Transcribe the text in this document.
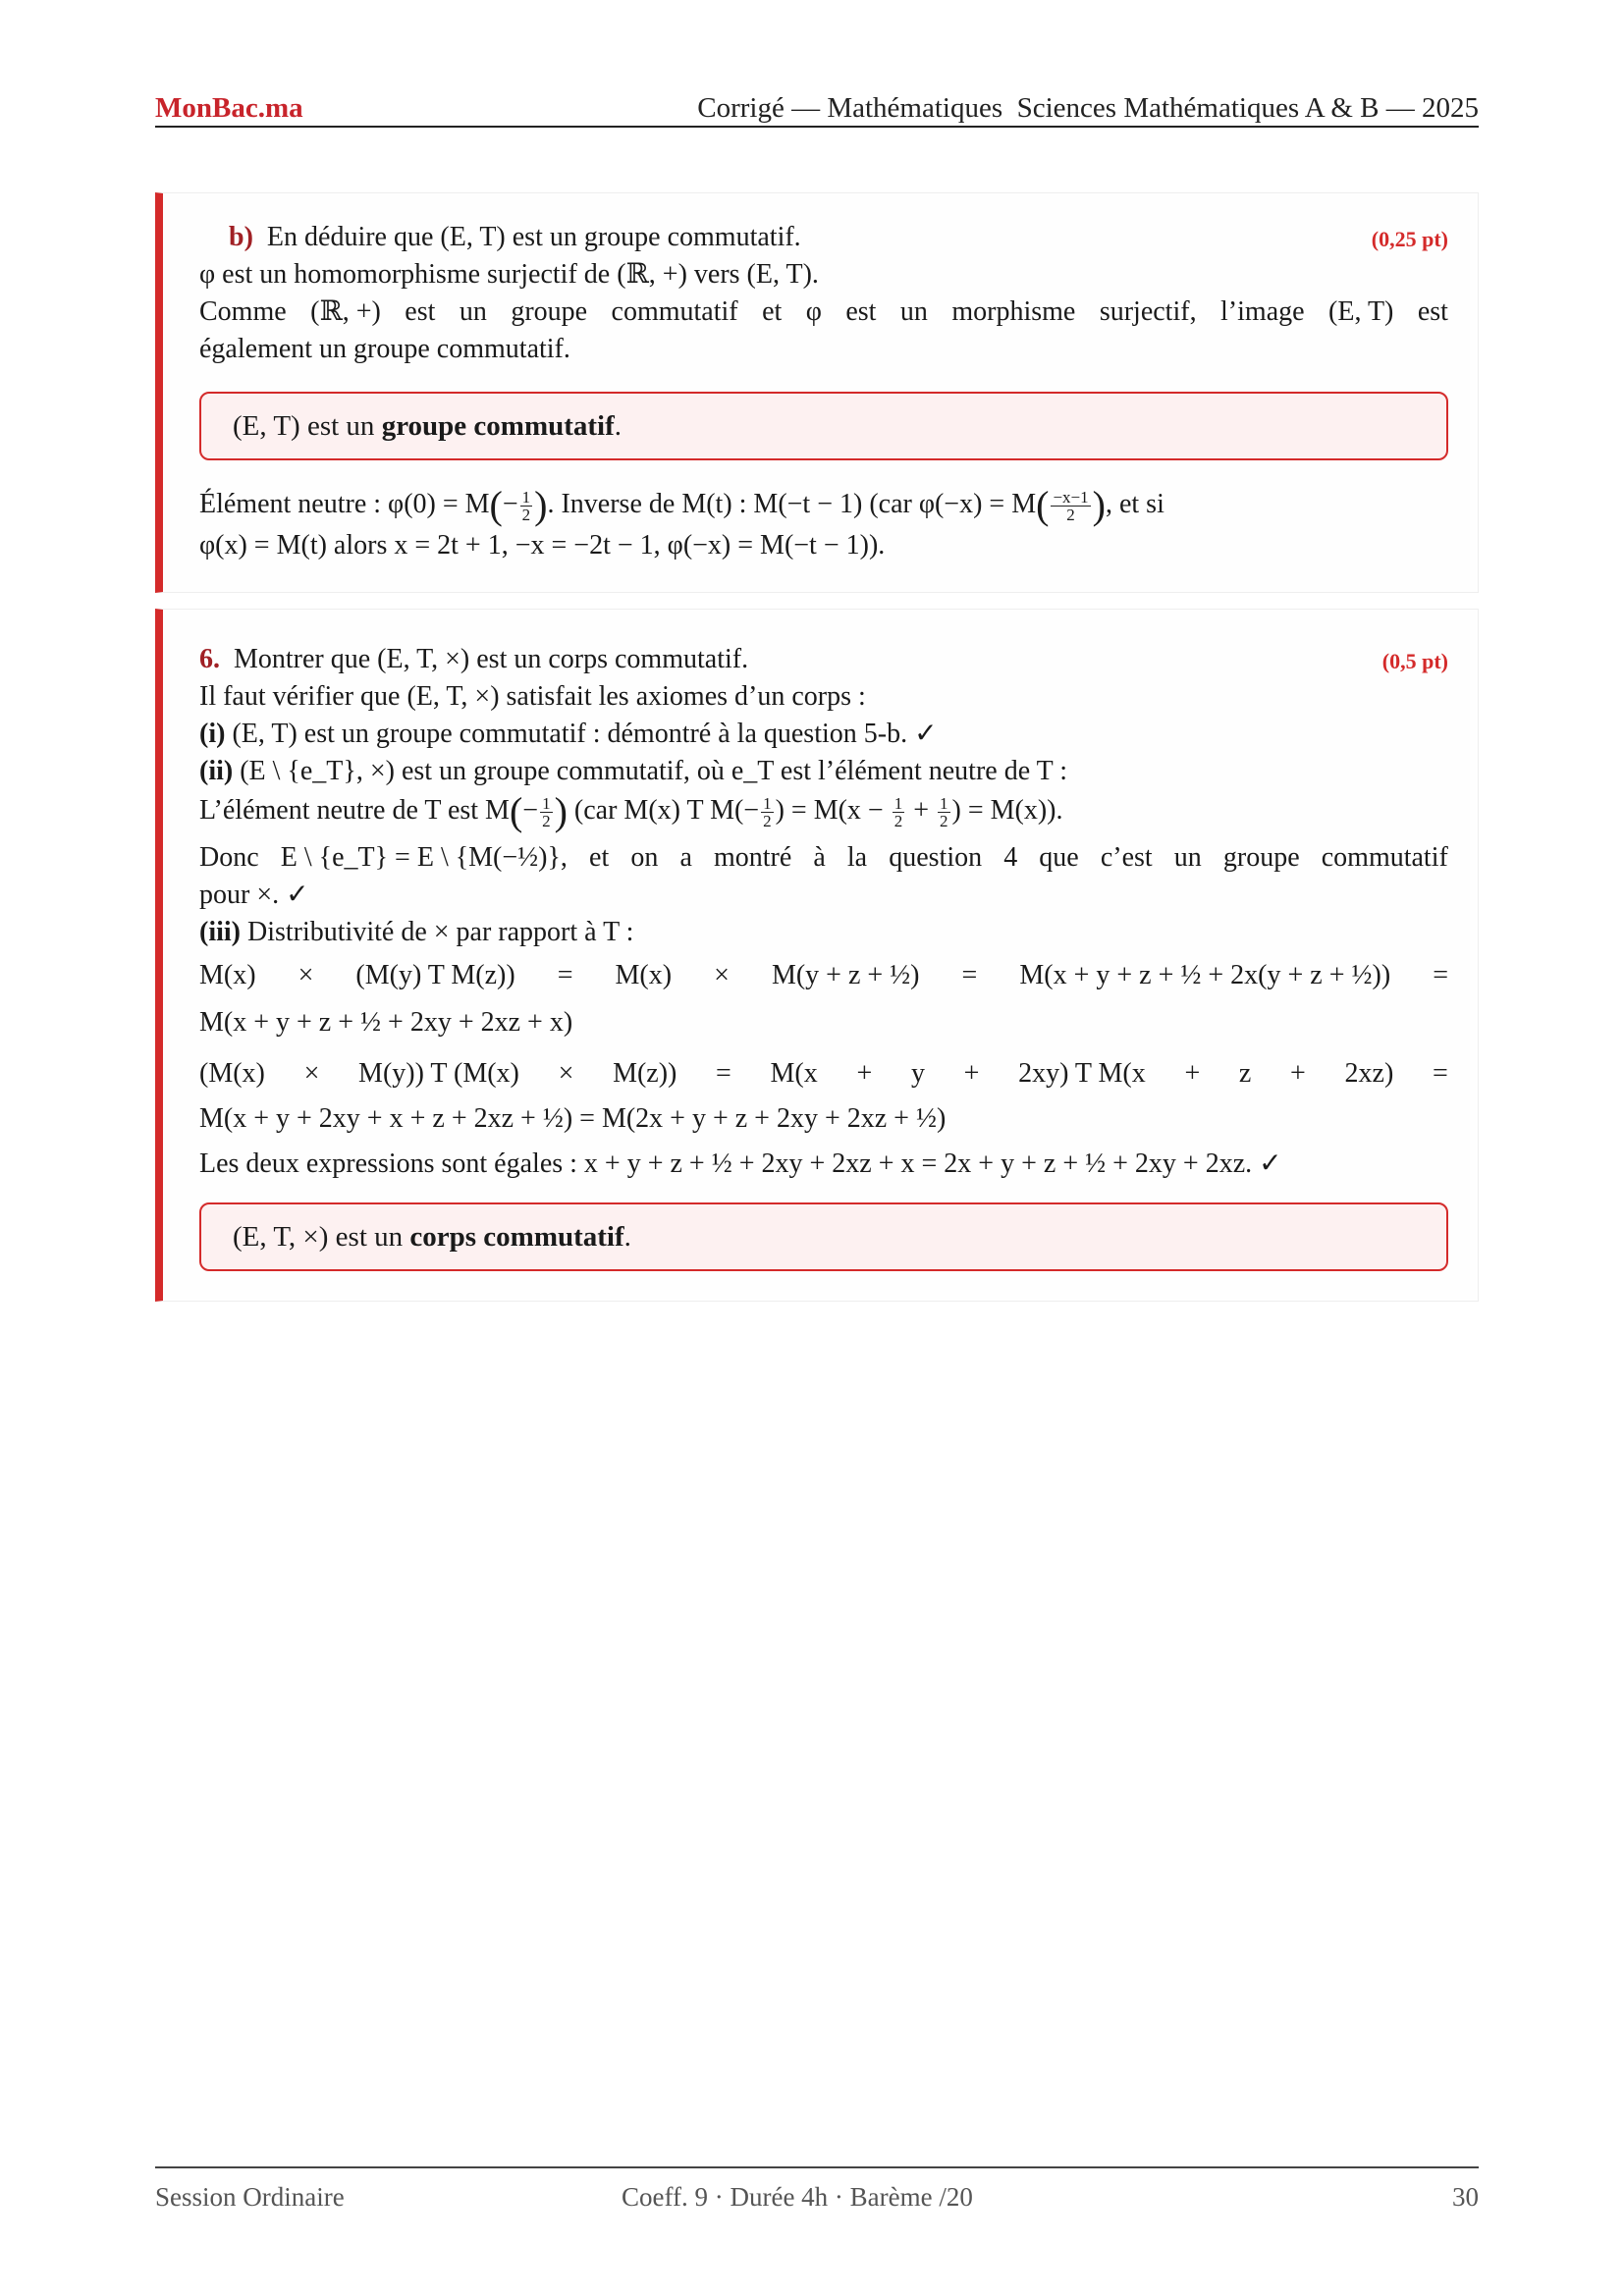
MonBac.ma	Corrigé — Mathématiques Sciences Mathématiques A & B — 2025
b) En déduire que (E, T) est un groupe commutatif.	(0,25 pt)
φ est un homomorphisme surjectif de (ℝ, +) vers (E, T).
Comme (ℝ, +) est un groupe commutatif et φ est un morphisme surjectif, l’image (E, T) est
également un groupe commutatif.
(E, T) est un groupe commutatif.
Élément neutre : $\varphi(0) = M(- \frac{1}{2}$ ). Inverse de M(t) : M(−t − 1) (car $\varphi(-x) = M( \frac{-x-1}{2}$ ), et si
φ(x) = M(t) alors x = 2t + 1, −x = −2t − 1, φ(−x) = M(−t − 1)).
6. Montrer que (E, T, ×) est un corps commutatif.	(0,5 pt)
Il faut vérifier que (E, T, ×) satisfait les axiomes d’un corps :
(i) (E, T) est un groupe commutatif : démontré à la question 5-b. ✓
(ii) (E \ {e_T}, ×) est un groupe commutatif, où e_T est l’élément neutre de T :
L’élément neutre de T est $M(- \frac{1}{2}$ ) (car M(x) T $M(- \frac{1}{2}$ ) = $M(x - \frac{1}{2} + \frac{1}{2}$ ) = M(x)).
Donc E \ {e_T} = E \ {M(−½)}, et on a montré à la question 4 que c’est un groupe commutatif
pour ×. ✓
(iii) Distributivité de × par rapport à T :
M(x) × (M(y) T M(z)) = M(x) × M(y + z + ½) = M(x + y + z + ½ + 2x(y + z + ½)) =
M(x + y + z + ½ + 2xy + 2xz + x)
(M(x) × M(y)) T (M(x) × M(z)) = M(x + y + 2xy) T M(x + z + 2xz) =
M(x + y + 2xy + x + z + 2xz + ½) = M(2x + y + z + 2xy + 2xz + ½)
Les deux expressions sont égales : x + y + z + ½ + 2xy + 2xz + x = 2x + y + z + ½ + 2xy + 2xz. ✓
(E, T, ×) est un corps commutatif.
Session Ordinaire	Coeff. 9 · Durée 4h · Barème /20	30
